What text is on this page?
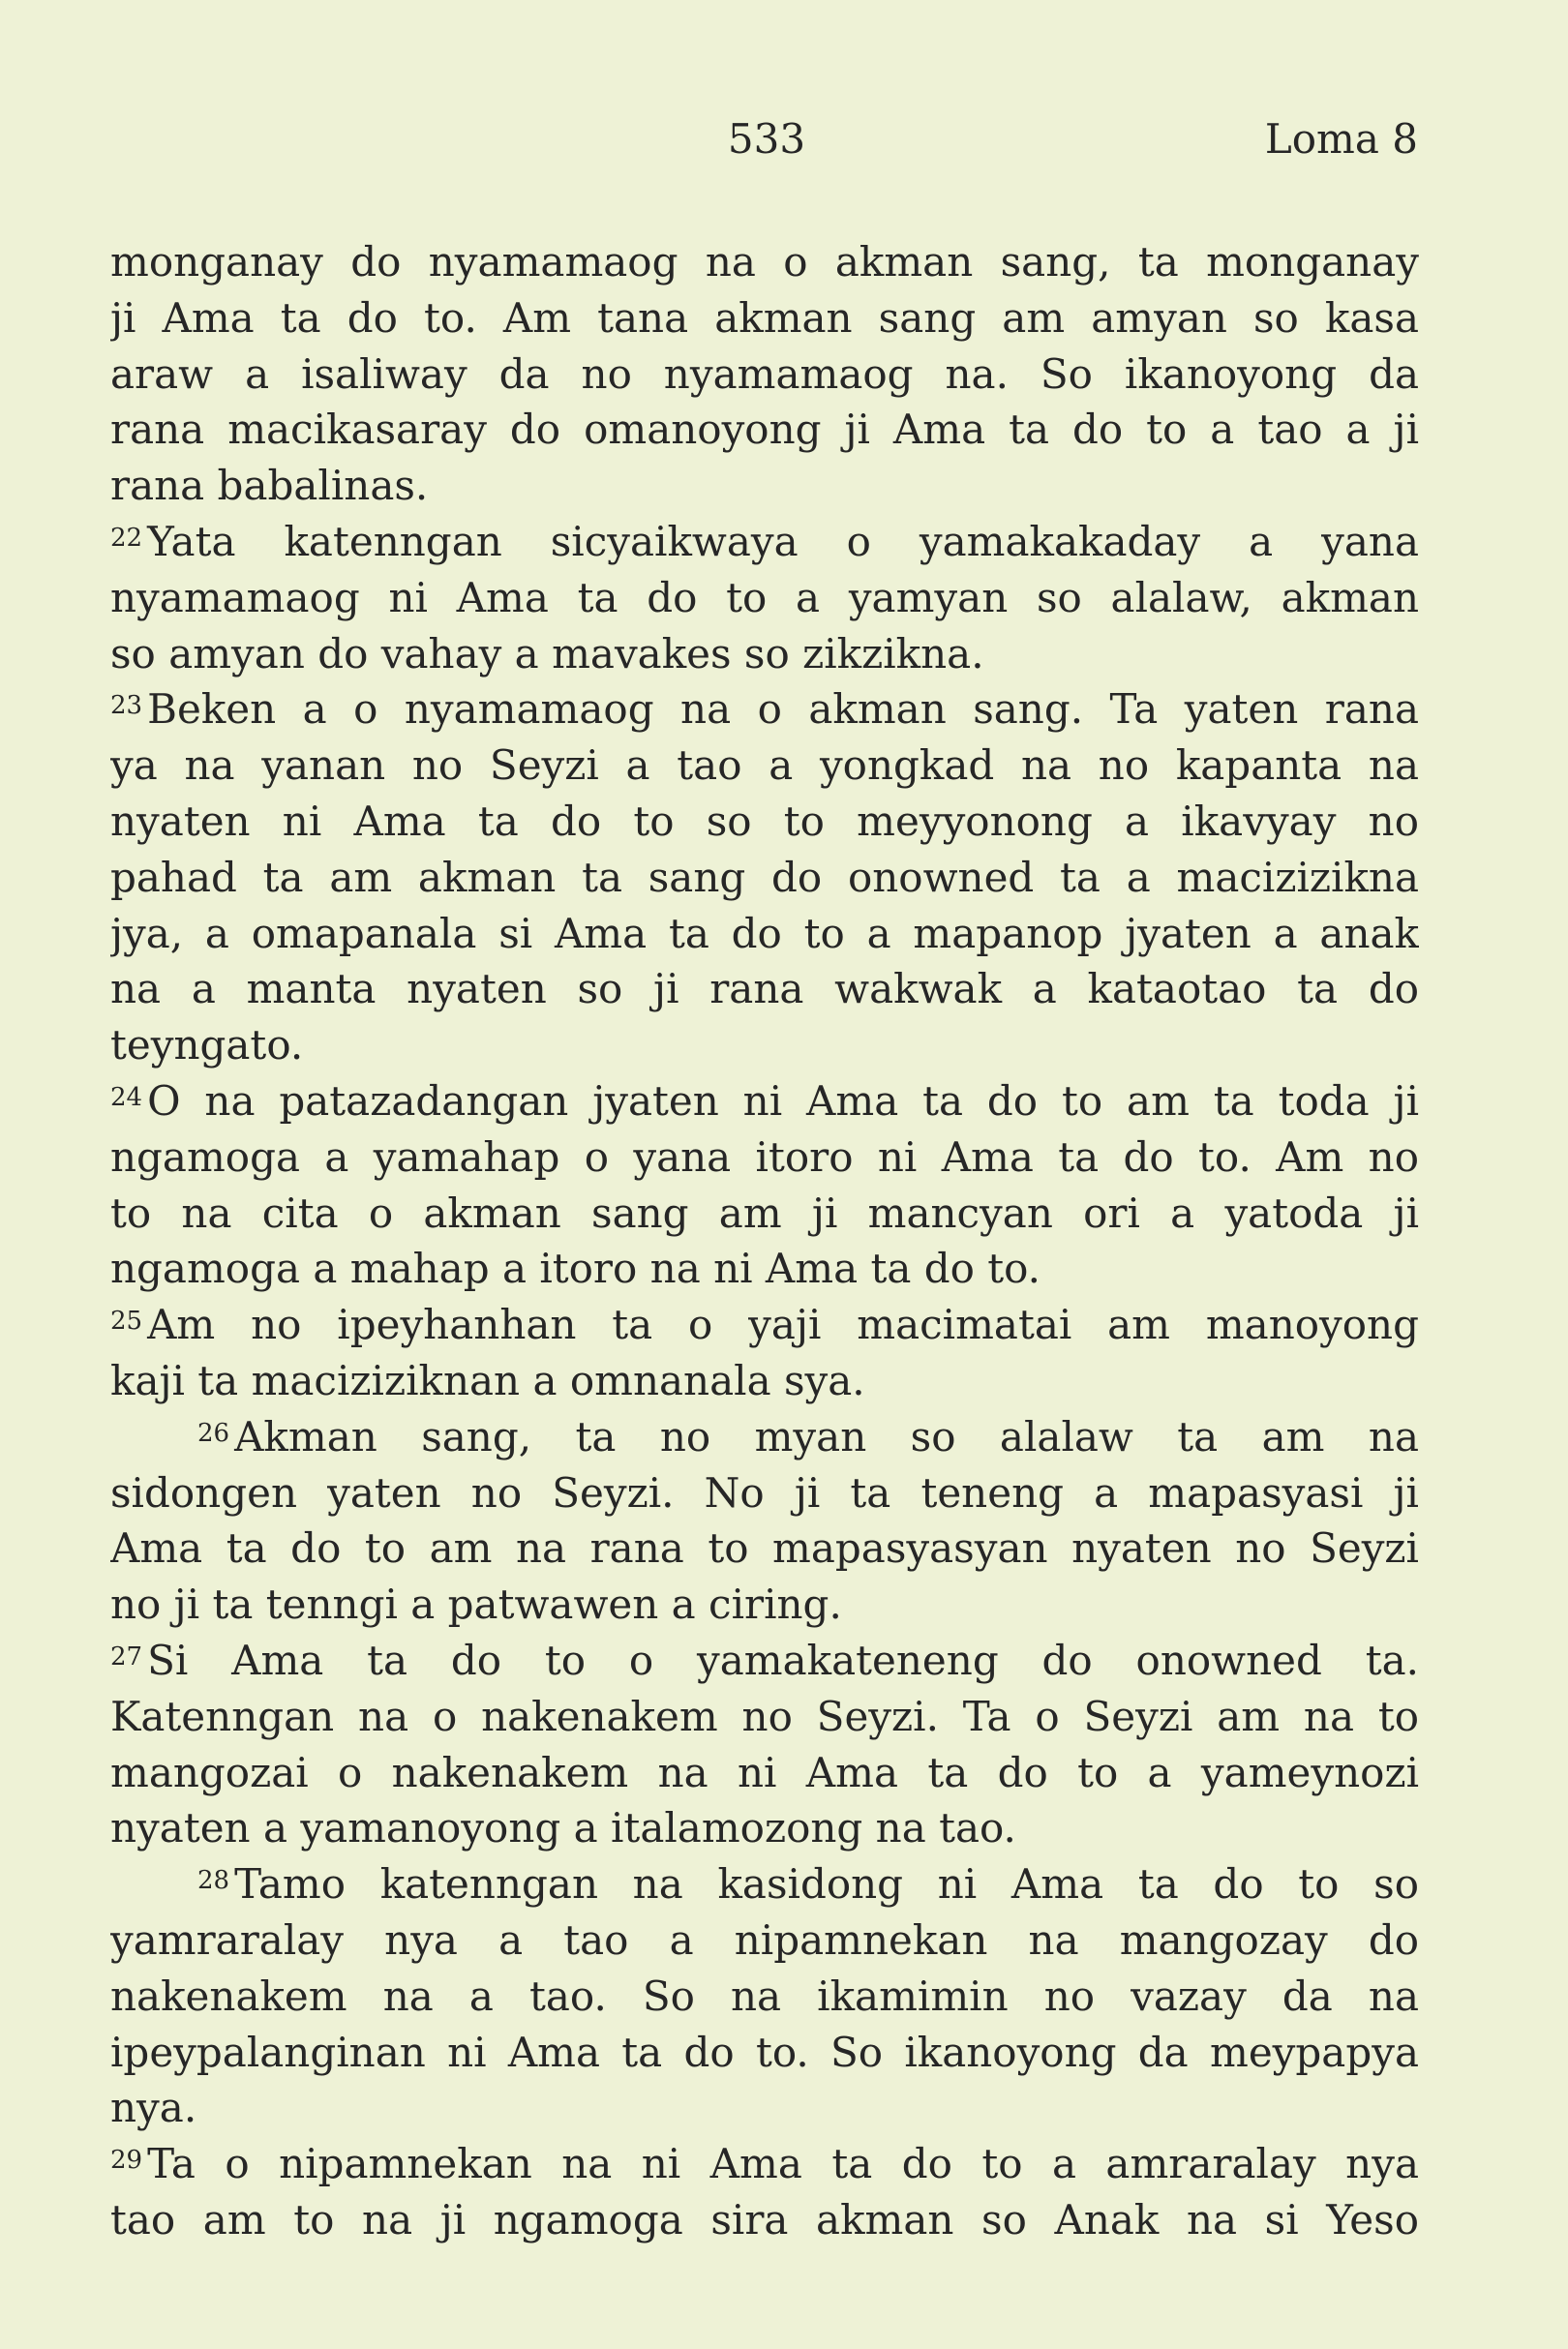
533	Loma 8
monganay do nyamamaog na o akman sang, ta monganay
ji Ama ta do to. Am tana akman sang am amyan so kasa
araw a isaliway da no nyamamaog na. So ikanoyong da
rana macikasaray do omanoyong ji Ama ta do to a tao a ji
rana babalinas.
$^{22}$ Yata katenngan sicyaikwaya o yamakakaday a yana
nyamamaog ni Ama ta do to a yamyan so alalaw, akman
so amyan do vahay a mavakes so zikzikna.
$^{23}$ Beken a o nyamamaog na o akman sang. Ta yaten rana
ya na yanan no Seyzi a tao a yongkad na no kapanta na
nyaten ni Ama ta do to so to meyyonong a ikavyay no
pahad ta am akman ta sang do onowned ta a macizizikna
jya, a omapanala si Ama ta do to a mapanop jyaten a anak
na a manta nyaten so ji rana wakwak a kataotao ta do
teyngato.
$^{24}$ O na patazadangan jyaten ni Ama ta do to am ta toda ji
ngamoga a yamahap o yana itoro ni Ama ta do to. Am no
to na cita o akman sang am ji mancyan ori a yatoda ji
ngamoga a mahap a itoro na ni Ama ta do to.
$^{25}$ Am no ipeyhanhan ta o yaji macimatai am manoyong
kaji ta maciziziknan a omnanala sya.
$^{26}$ Akman sang, ta no myan so alalaw ta am na
sidongen yaten no Seyzi. No ji ta teneng a mapasyasi ji
Ama ta do to am na rana to mapasyasyan nyaten no Seyzi
no ji ta tenngi a patwawen a ciring.
$^{27}$ Si Ama ta do to o yamakateneng do onowned ta.
Katenngan na o nakenakem no Seyzi. Ta o Seyzi am na to
mangozai o nakenakem na ni Ama ta do to a yameynozi
nyaten a yamanoyong a italamozong na tao.
$^{28}$ Tamo katenngan na kasidong ni Ama ta do to so
yamraralay nya a tao a nipamnekan na mangozay do
nakenakem na a tao. So na ikamimin no vazay da na
ipeypalanginan ni Ama ta do to. So ikanoyong da meypapya
nya.
$^{29}$ Ta o nipamnekan na ni Ama ta do to a amraralay nya
tao am to na ji ngamoga sira akman so Anak na si Yeso
